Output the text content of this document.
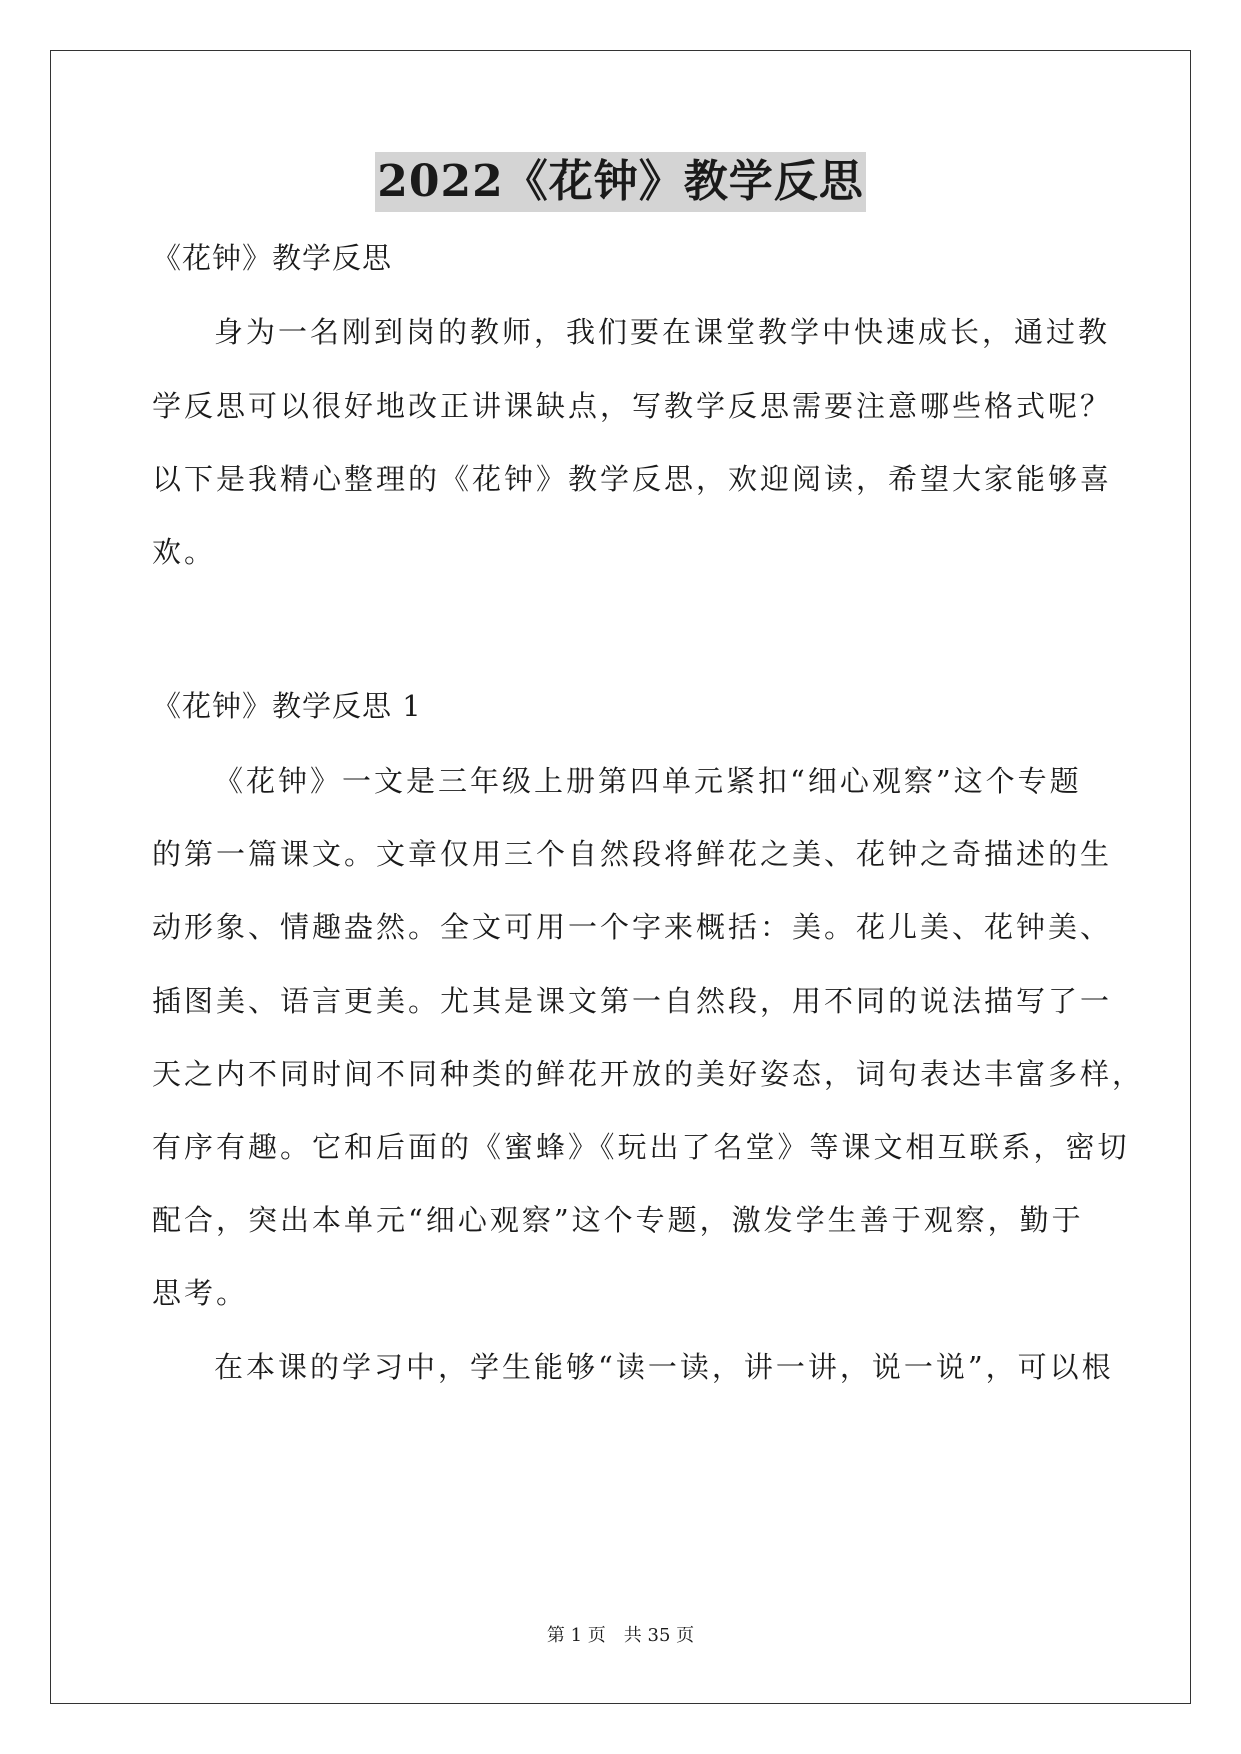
2022《花钟》教学反思
《花钟》教学反思
身为一名刚到岗的教师，我们要在课堂教学中快速成长，通过教
学反思可以很好地改正讲课缺点，写教学反思需要注意哪些格式呢？
以下是我精心整理的《花钟》教学反思，欢迎阅读，希望大家能够喜
欢。
《花钟》教学反思 1
《花钟》一文是三年级上册第四单元紧扣“细心观察”这个专题
的第一篇课文。文章仅用三个自然段将鲜花之美、花钟之奇描述的生
动形象、情趣盎然。全文可用一个字来概括：美。花儿美、花钟美、
插图美、语言更美。尤其是课文第一自然段，用不同的说法描写了一
天之内不同时间不同种类的鲜花开放的美好姿态，词句表达丰富多样，
有序有趣。它和后面的《蜜蜂》《玩出了名堂》等课文相互联系，密切
配合，突出本单元“细心观察”这个专题，激发学生善于观察，勤于
思考。
在本课的学习中，学生能够“读一读，讲一讲，说一说”，可以根
第 1 页　共 35 页
